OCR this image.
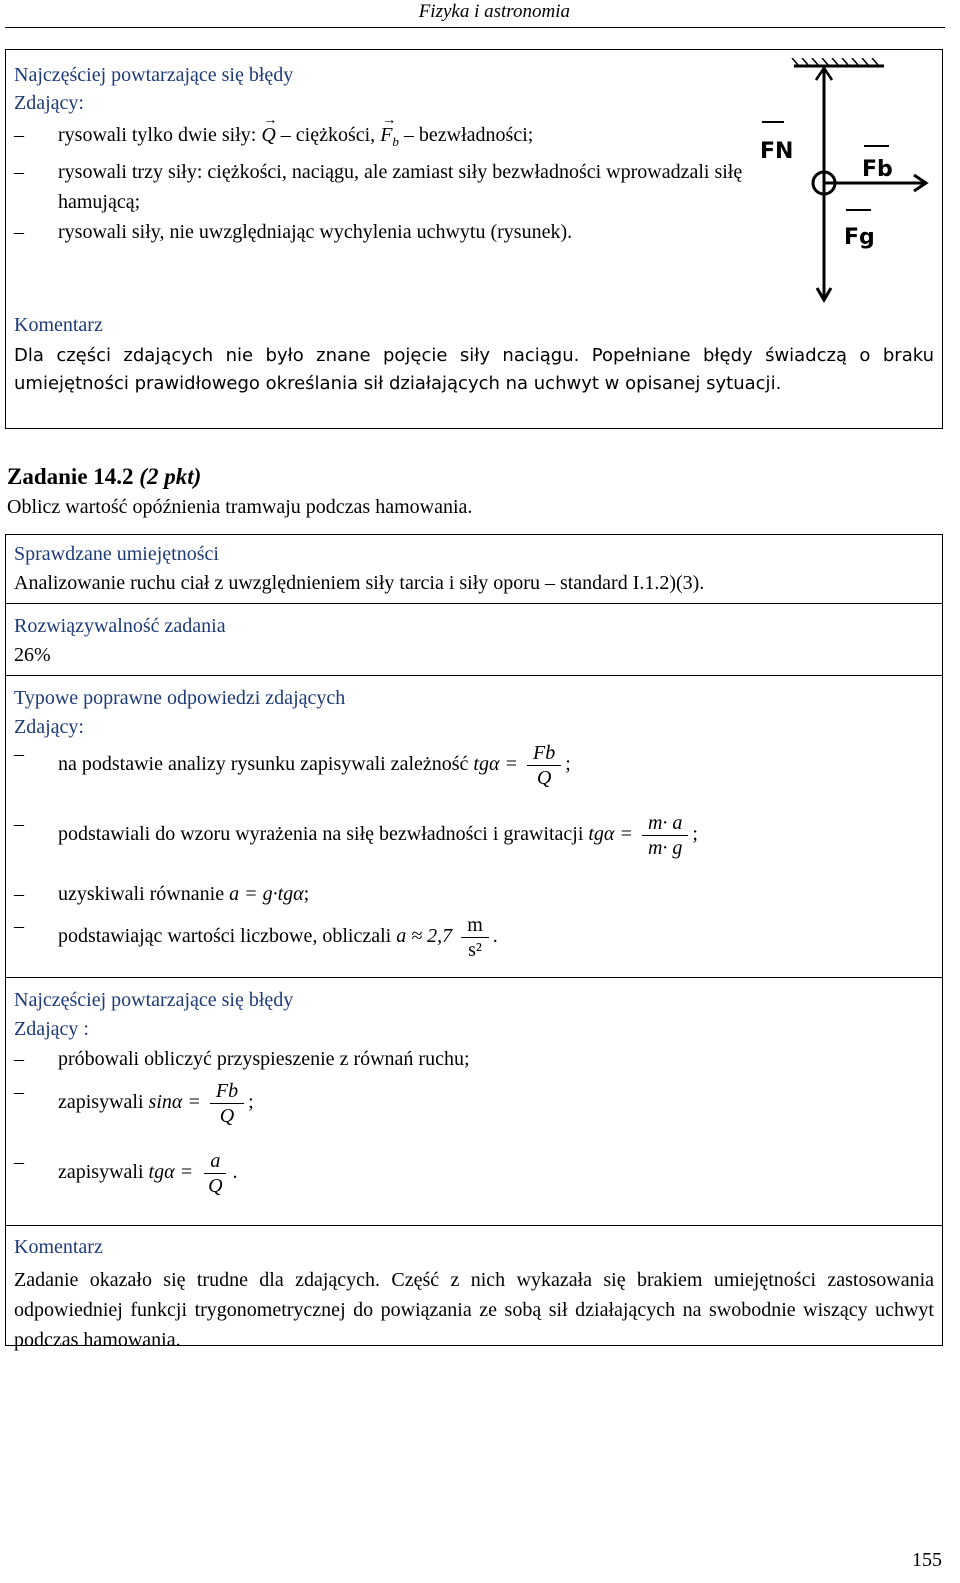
Fizyka i astronomia
Najczęściej powtarzające się błędy
Zdający:
– rysowali tylko dwie siły: → Q – ciężkości, → $F_b$ – bezwładności;
– rysowali trzy siły: ciężkości, naciągu, ale zamiast siły bezwładności wprowadzali siłę hamującą;
– rysowali siły, nie uwzględniając wychylenia uchwytu (rysunek).
FN
Fb
Fg
Komentarz
Dla części zdających nie było znane pojęcie siły naciągu. Popełniane błędy świadczą o braku umiejętności prawidłowego określania sił działających na uchwyt w opisanej sytuacji.
Zadanie 14.2 (2 pkt)
Oblicz wartość opóźnienia tramwaju podczas hamowania.
Sprawdzane umiejętności
Analizowanie ruchu ciał z uwzględnieniem siły tarcia i siły oporu – standard I.1.2)(3).
Rozwiązywalność zadania
26%
Typowe poprawne odpowiedzi zdających
Zdający:
– na podstawie analizy rysunku zapisywali zależność $tg\alpha = \frac{Fb}{Q}$ ;
– podstawiali do wzoru wyrażenia na siłę bezwładności i grawitacji $tg\alpha = \frac{m\cdot a}{m\cdot g}$ ;
– uzyskiwali równanie a = g·tgα;
– podstawiając wartości liczbowe, obliczali $a \approx 2,7 \frac{m}{\text{s²}}$ .
Najczęściej powtarzające się błędy
Zdający :
– próbowali obliczyć przyspieszenie z równań ruchu;
– zapisywali $\sin\alpha = \frac{Fb}{Q}$ ;
– zapisywali $tg\alpha = \frac{a}{Q}$ .
Komentarz
Zadanie okazało się trudne dla zdających. Część z nich wykazała się brakiem umiejętności zastosowania odpowiedniej funkcji trygonometrycznej do powiązania ze sobą sił działających na swobodnie wiszący uchwyt podczas hamowania.
155
